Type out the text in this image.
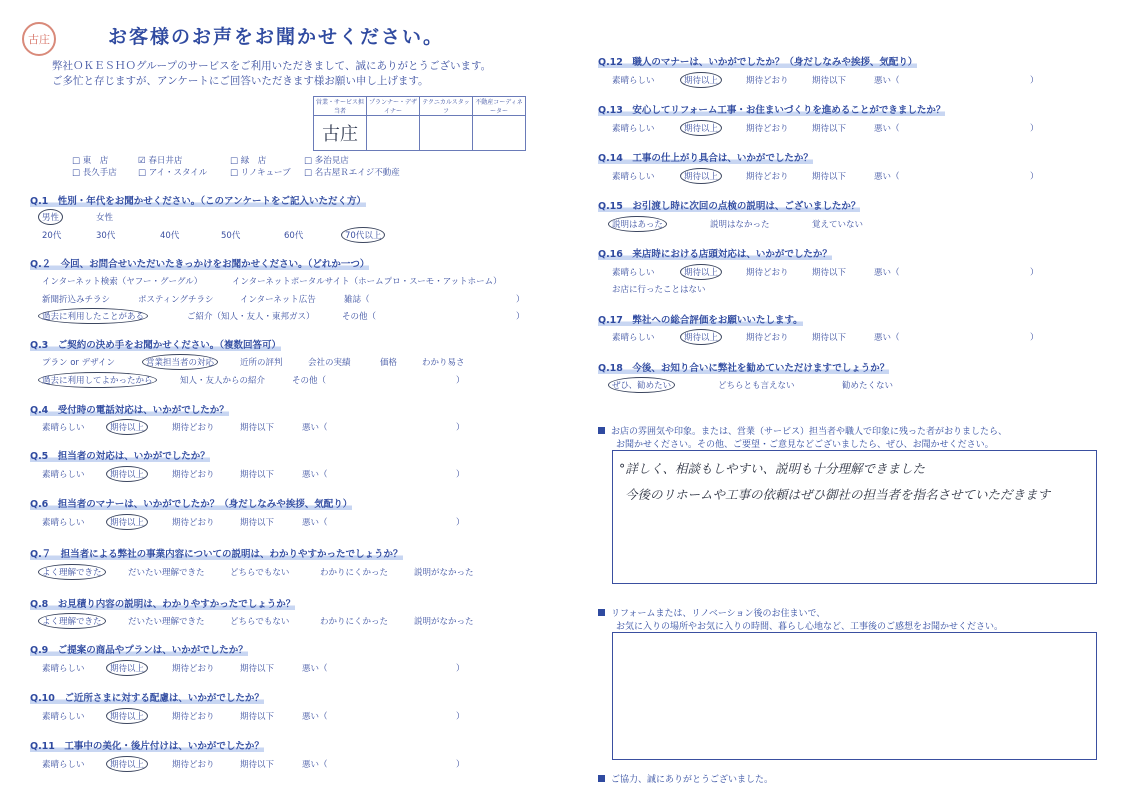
古庄	お客様のお声をお聞かせください。
弊社ＯＫＥＳＨＯグループのサービスをご利用いただきまして、誠にありがとうございます。
ご多忙と存じますが、アンケートにご回答いただきます様お願い申し上げます。
営業・サービス担当者	プランナー・デザイナー	テクニカルスタッフ	不動産コーディネーター
古庄			
□ 東　店	☑ 春日井店	□ 緑　店	□ 多治見店
□ 長久手店	□ アイ・スタイル	□ リノキューブ □ 名古屋Ｒエイジ不動産
Q.1　性別・年代をお聞かせください。（このアンケートをご記入いただく方）
男性	女性
20代	30代	40代	50代	60代	70代以上
Q.２　今回、お問合せいただいたきっかけをお聞かせください。（どれか一つ）
インターネット検索（ヤフー・グーグル）	インターネットポータルサイト（ホームプロ・スーモ・アットホーム）
新聞折込みチラシ	ポスティングチラシ	インターネット広告	雑誌（	）
過去に利用したことがある	ご紹介（知人・友人・東邦ガス）	その他（	）
Q.3　ご契約の決め手をお聞かせください。（複数回答可）
プラン or デザイン	営業担当者の対応	近所の評判	会社の実績	価格	わかり易さ
過去に利用してよかったから	知人・友人からの紹介	その他（	）
Q.4　受付時の電話対応は、いかがでしたか？
素晴らしい	期待以上	期待どおり	期待以下	悪い（	）
Q.5　担当者の対応は、いかがでしたか？
素晴らしい	期待以上	期待どおり	期待以下	悪い（	）
Q.6　担当者のマナーは、いかがでしたか？（身だしなみや挨拶、気配り）
素晴らしい	期待以上	期待どおり	期待以下	悪い（	）
Q.７　担当者による弊社の事業内容についての説明は、わかりやすかったでしょうか？
よく理解できた	だいたい理解できた	どちらでもない	わかりにくかった	説明がなかった
Q.8　お見積り内容の説明は、わかりやすかったでしょうか？
よく理解できた	だいたい理解できた	どちらでもない	わかりにくかった	説明がなかった
Q.9　ご提案の商品やプランは、いかがでしたか？
素晴らしい	期待以上	期待どおり	期待以下	悪い（	）
Q.10　ご近所さまに対する配慮は、いかがでしたか？
素晴らしい	期待以上	期待どおり	期待以下	悪い（	）
Q.11　工事中の美化・後片付けは、いかがでしたか？
素晴らしい	期待以上	期待どおり	期待以下	悪い（	）
Q.12　職人のマナーは、いかがでしたか？（身だしなみや挨拶、気配り）
素晴らしい	期待以上	期待どおり	期待以下	悪い（	）
Q.13　安心してリフォーム工事・お住まいづくりを進めることができましたか？
素晴らしい	期待以上	期待どおり	期待以下	悪い（	）
Q.14　工事の仕上がり具合は、いかがでしたか？
素晴らしい	期待以上	期待どおり	期待以下	悪い（	）
Q.15　お引渡し時に次回の点検の説明は、ございましたか？
説明はあった	説明はなかった	覚えていない
Q.16　来店時における店頭対応は、いかがでしたか？
素晴らしい	期待以上	期待どおり	期待以下	悪い（	）
お店に行ったことはない
Q.17　弊社への総合評価をお願いいたします。
素晴らしい	期待以上	期待どおり	期待以下	悪い（	）
Q.18　今後、お知り合いに弊社を勧めていただけますでしょうか？
ぜひ、勧めたい	どちらとも言えない	勧めたくない
お店の雰囲気や印象。または、営業（サービス）担当者や職人で印象に残った者がおりましたら、
お聞かせください。その他、ご要望・ご意見などございましたら、ぜひ、お聞かせください。
°詳しく、相談もしやすい、説明も十分理解できました
今後のリホームや工事の依頼はぜひ御社の担当者を指名させていただきます
リフォームまたは、リノベーション後のお住まいで、
お気に入りの場所やお気に入りの時間、暮らし心地など、工事後のご感想をお聞かせください。
ご協力、誠にありがとうございました。
